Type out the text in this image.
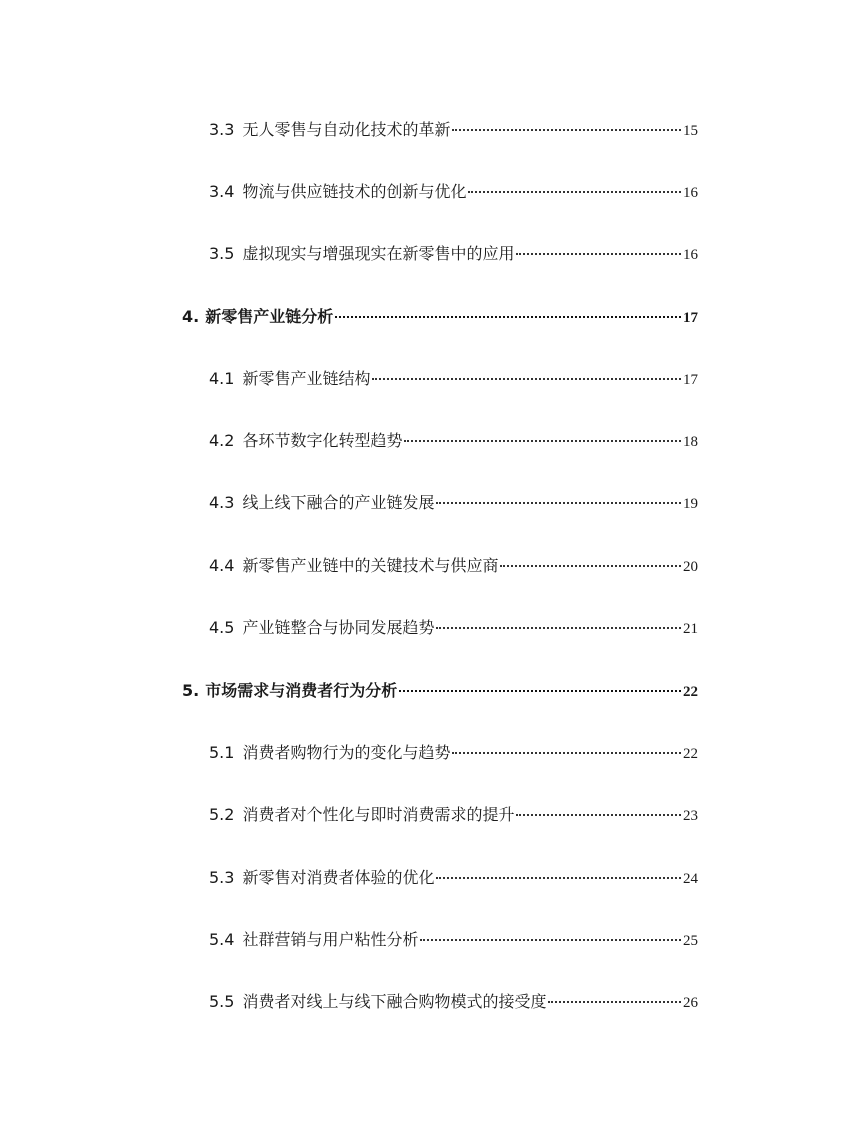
3.3 无人零售与自动化技术的革新	15
3.4 物流与供应链技术的创新与优化	16
3.5 虚拟现实与增强现实在新零售中的应用	16
4. 新零售产业链分析	17
4.1 新零售产业链结构	17
4.2 各环节数字化转型趋势	18
4.3 线上线下融合的产业链发展	19
4.4 新零售产业链中的关键技术与供应商	20
4.5 产业链整合与协同发展趋势	21
5. 市场需求与消费者行为分析	22
5.1 消费者购物行为的变化与趋势	22
5.2 消费者对个性化与即时消费需求的提升	23
5.3 新零售对消费者体验的优化	24
5.4 社群营销与用户粘性分析	25
5.5 消费者对线上与线下融合购物模式的接受度	26
